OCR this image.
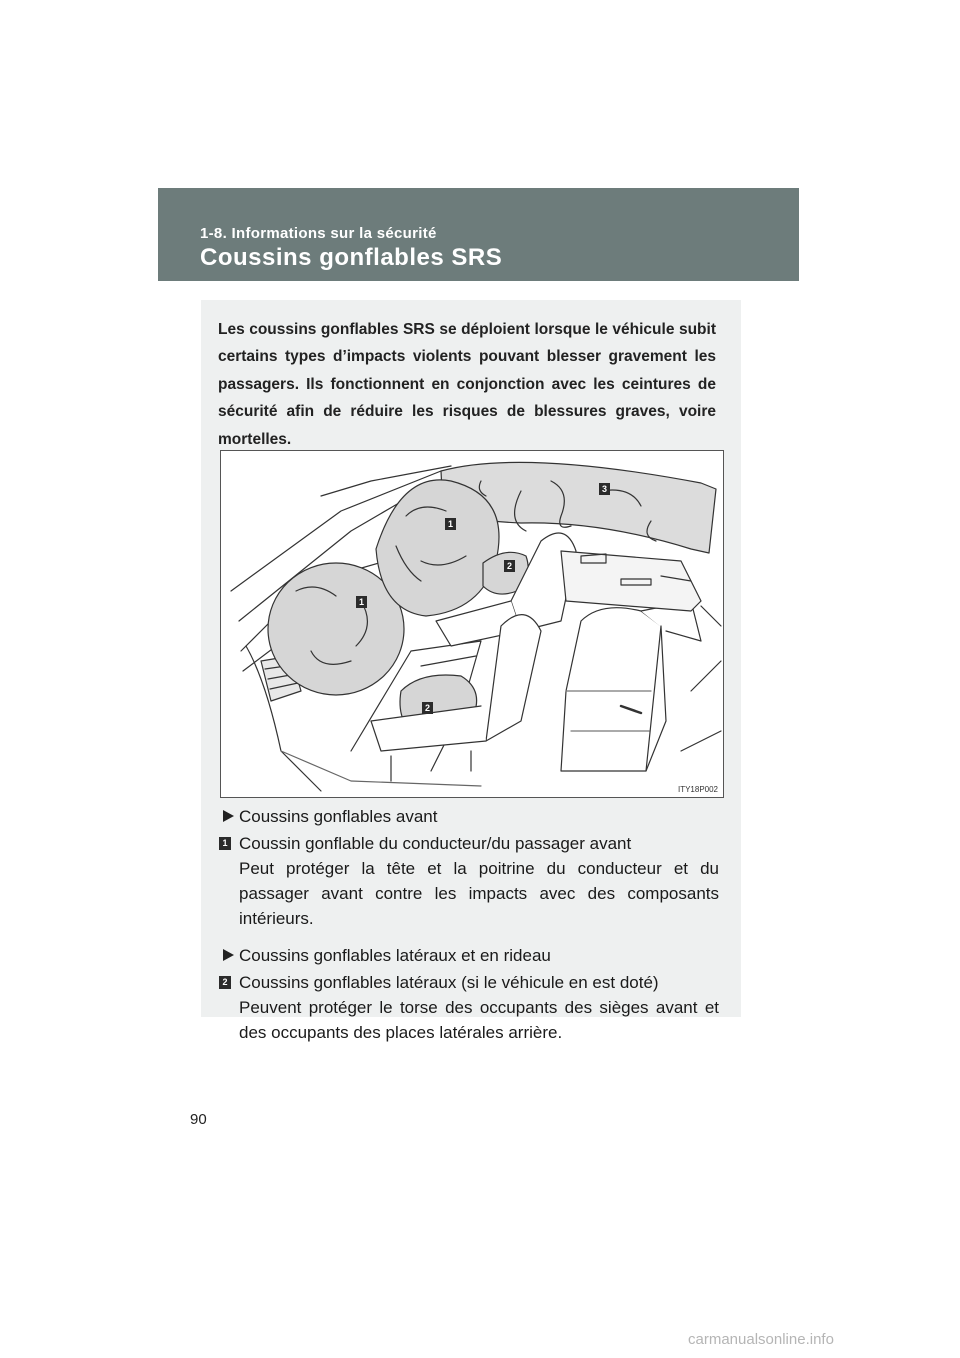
1-8. Informations sur la sécurité
Coussins gonflables SRS
Les coussins gonflables SRS se déploient lorsque le véhicule subit certains types d’impacts violents pouvant blesser gravement les passagers. Ils fonctionnent en conjonction avec les ceintures de sécurité afin de réduire les risques de blessures graves, voire mortelles.
1
1
2
2
3
ITY18P002
Coussins gonflables avant
1 Coussin gonflable du conducteur/du passager avant
Peut protéger la tête et la poitrine du conducteur et du passager avant contre les impacts avec des composants intérieurs.
Coussins gonflables latéraux et en rideau
2 Coussins gonflables latéraux (si le véhicule en est doté)
Peuvent protéger le torse des occupants des sièges avant et des occupants des places latérales arrière.
90
carmanualsonline.info
